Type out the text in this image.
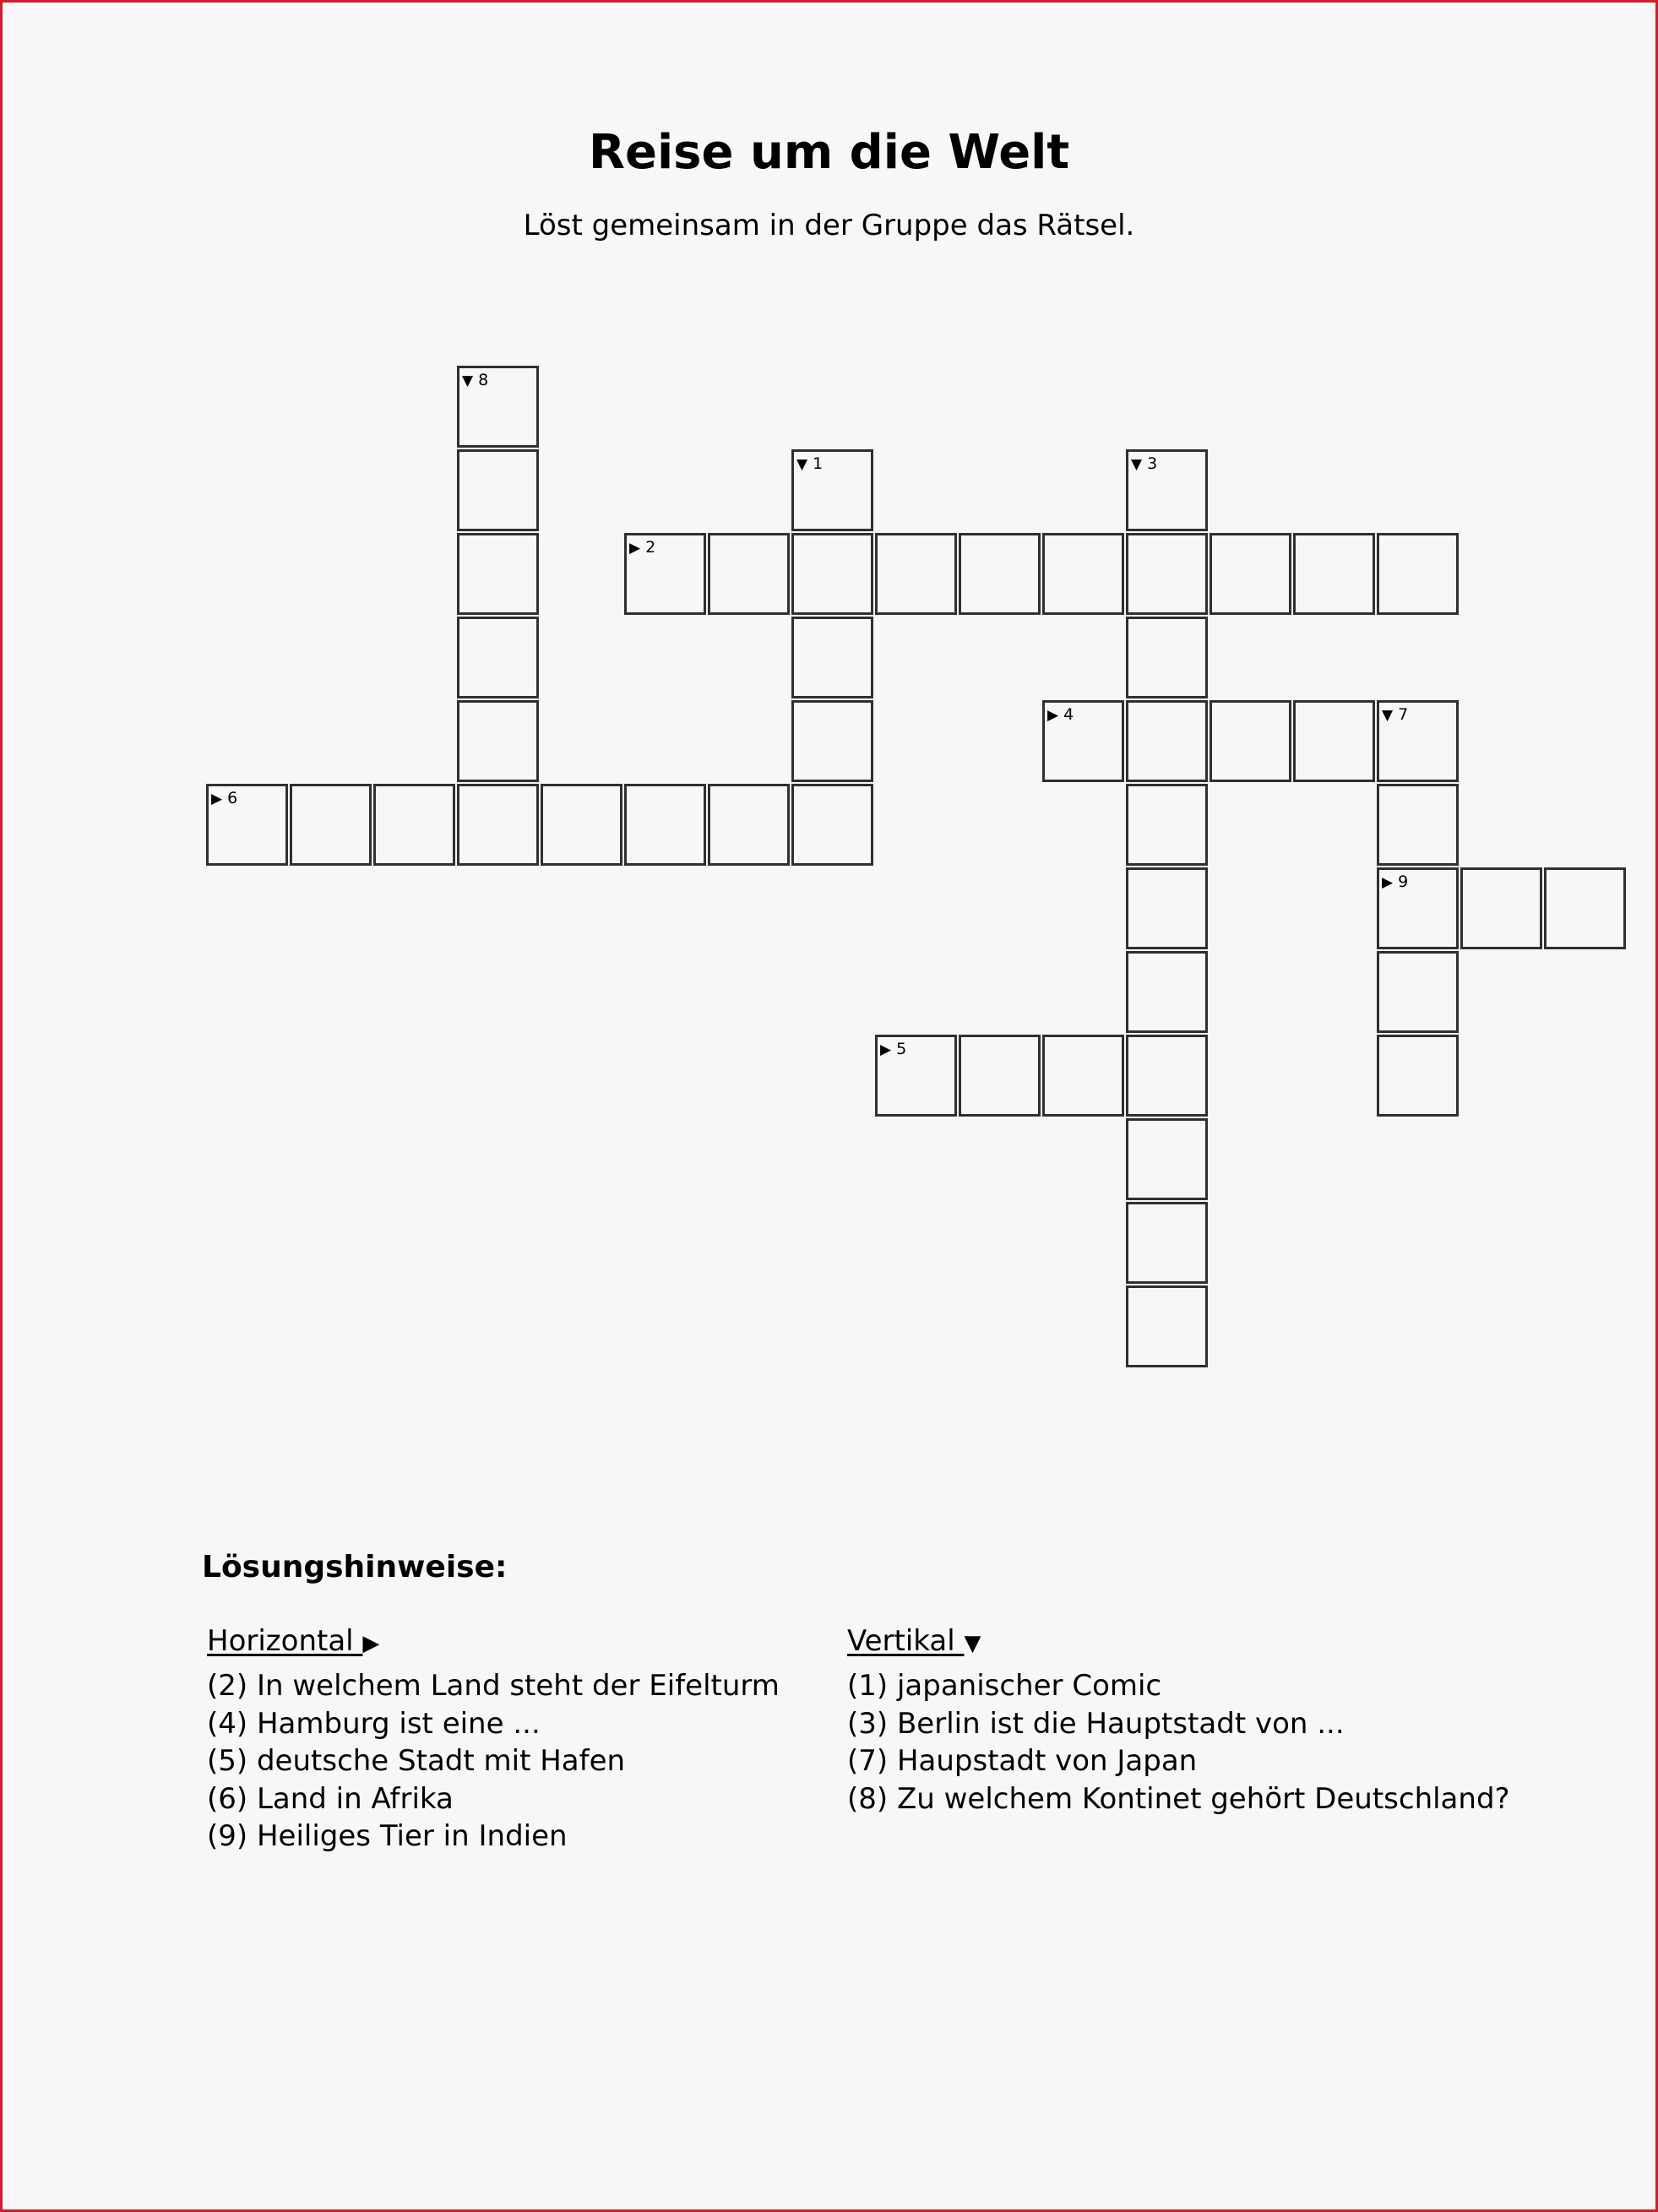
Reise um die Welt
Löst gemeinsam in der Gruppe das Rätsel.
▼ 8
▼ 1	▼ 3
▶ 2
▶ 4	▼ 7
▶ 9
▶ 6
▶ 5
Lösungshinweise:
Horizontal ▶
(2) In welchem Land steht der Eifelturm
(4) Hamburg ist eine ...
(5) deutsche Stadt mit Hafen
(6) Land in Afrika
(9) Heiliges Tier in Indien
Vertikal ▼
(1) japanischer Comic
(3) Berlin ist die Hauptstadt von ...
(7) Haupstadt von Japan
(8) Zu welchem Kontinet gehört Deutschland?
